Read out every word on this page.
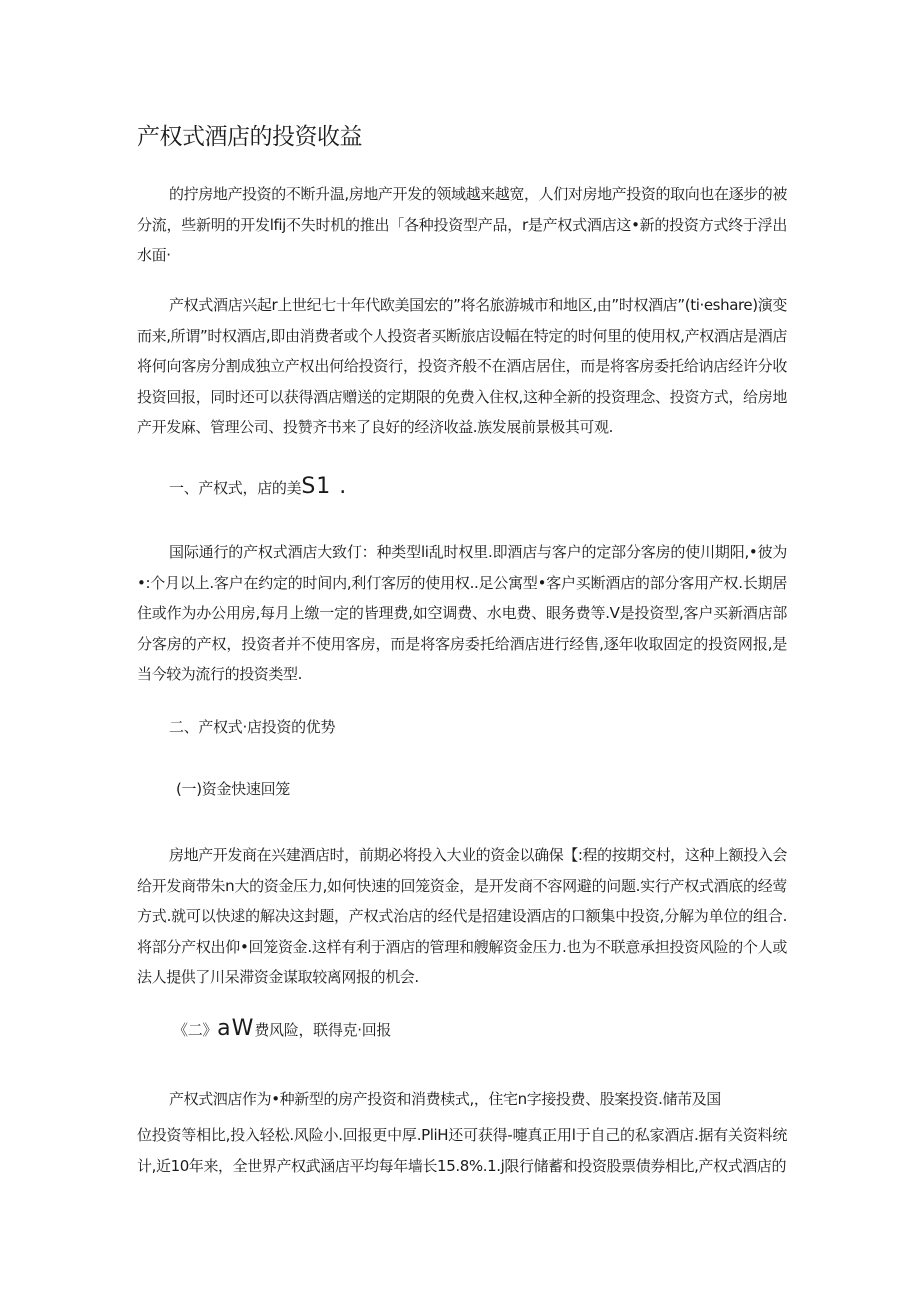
产权式酒店的投资收益

的拧房地产投资的不断升温,房地产开发的领域越来越宽，人们对房地产投资的取向也在逐步的被分流，些新明的开发lfij不失时机的推出「各种投资型产品，r是产权式酒店这•新的投资方式终于浮出水面·

产权式酒店兴起r上世纪七十年代欧美国宏的”将名旅游城市和地区,由”时权酒店”(ti·eshare)演变而来,所谓”时权酒店,即由消费者或个人投资者买断旅店设幅在特定的时何里的使用权,产权酒店是酒店将何向客房分割成独立产权出何给投资行，投资齐般不在酒店居住，而是将客房委托给讷店经许分收投资回报，同时还可以获得酒店赠送的定期限的免费入住权,这种全新的投资理念、投资方式，给房地产开发麻、管理公司、投赞齐书来了良好的经济收益.族发展前景极其可观.

一、产权式，店的美S1 .

国际通行的产权式酒店大致仃：种类型li乱时权里.即酒店与客户的定部分客房的使川期阳,•彼为•:个月以上.客户在约定的时间内,利仃客厉的使用权..足公寓型•客户买断酒店的部分客用产权.长期居住或作为办公用房,每月上缴一定的皆理费,如空调费、水电费、眼务费等.V是投资型,客户买新酒店部分客房的产权，投资者并不使用客房，而是将客房委托给酒店进行经售,逐年收取固定的投资网报,是当今较为流行的投资类型.

二、产权式·店投资的优势
(一)资金快速回笼

房地产开发商在兴建酒店时，前期必将投入大业的资金以确保【:程的按期交村，这种上额投入会给开发商带朱n大的资金压力,如何快速的回笼资金，是开发商不容网避的问题.实行产权式酒底的经莺方式.就可以快逑的解决这封题，产权式治店的经代是招建设酒店的口额集中投资,分解为单位的组合.将部分产权出仰•回笼资金.这样有利于酒店的管理和艘解资金压力.也为不联意承担投资风险的个人或法人提供了川呆滞资金谋取较离网报的机会.

《二》aW费风险，联得克·回报

产权式泗店作为•种新型的房产投资和消费椟式,，住宅n字接投费、股案投资.储芾及国

位投资等相比,投入轻松.风险小.回报更中厚.PliH还可获得-嚏真正用l于自己的私家酒店.据有关资料统计,近10年来，全世界产权武涵店平均每年墙长15.8%.1.j限行储蓄和投资股票债券相比,产权式酒店的
